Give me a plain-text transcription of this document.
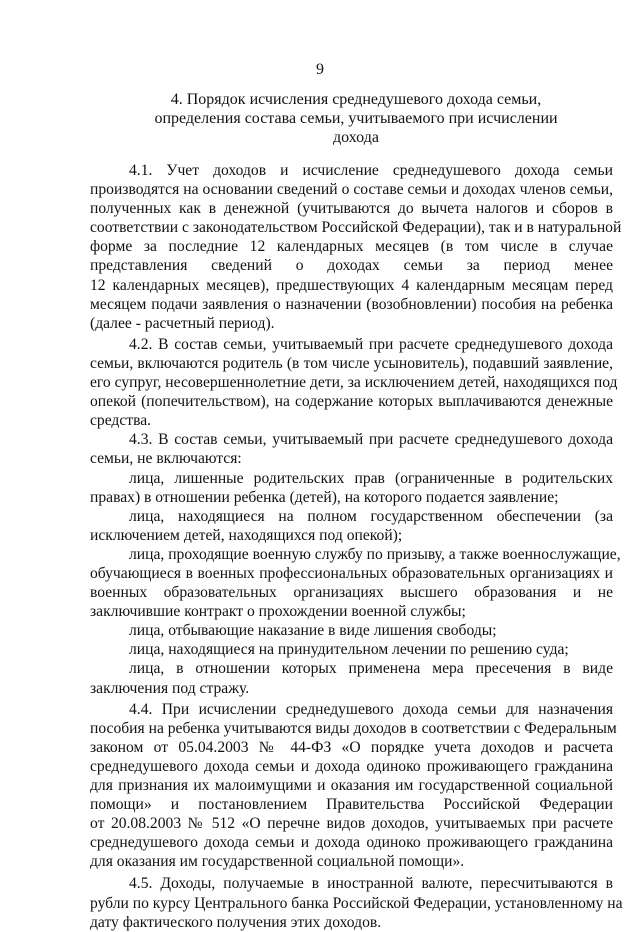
9
4. Порядок исчисления среднедушевого дохода семьи,
определения состава семьи, учитываемого при исчислении
дохода
4.1. Учет доходов и исчисление среднедушевого дохода семьи
производятся на основании сведений о составе семьи и доходах членов семьи,
полученных как в денежной (учитываются до вычета налогов и сборов в
соответствии с законодательством Российской Федерации), так и в натуральной
форме за последние 12 календарных месяцев (в том числе в случае
представления сведений о доходах семьи за период менее
12 календарных месяцев), предшествующих 4 календарным месяцам перед
месяцем подачи заявления о назначении (возобновлении) пособия на ребенка
(далее - расчетный период).
4.2. В состав семьи, учитываемый при расчете среднедушевого дохода
семьи, включаются родитель (в том числе усыновитель), подавший заявление,
его супруг, несовершеннолетние дети, за исключением детей, находящихся под
опекой (попечительством), на содержание которых выплачиваются денежные
средства.
4.3. В состав семьи, учитываемый при расчете среднедушевого дохода
семьи, не включаются:
лица, лишенные родительских прав (ограниченные в родительских
правах) в отношении ребенка (детей), на которого подается заявление;
лица, находящиеся на полном государственном обеспечении (за
исключением детей, находящихся под опекой);
лица, проходящие военную службу по призыву, а также военнослужащие,
обучающиеся в военных профессиональных образовательных организациях и
военных образовательных организациях высшего образования и не
заключившие контракт о прохождении военной службы;
лица, отбывающие наказание в виде лишения свободы;
лица, находящиеся на принудительном лечении по решению суда;
лица, в отношении которых применена мера пресечения в виде
заключения под стражу.
4.4. При исчислении среднедушевого дохода семьи для назначения
пособия на ребенка учитываются виды доходов в соответствии с Федеральным
законом от 05.04.2003 № 44-ФЗ «О порядке учета доходов и расчета
среднедушевого дохода семьи и дохода одиноко проживающего гражданина
для признания их малоимущими и оказания им государственной социальной
помощи» и постановлением Правительства Российской Федерации
от 20.08.2003 № 512 «О перечне видов доходов, учитываемых при расчете
среднедушевого дохода семьи и дохода одиноко проживающего гражданина
для оказания им государственной социальной помощи».
4.5. Доходы, получаемые в иностранной валюте, пересчитываются в
рубли по курсу Центрального банка Российской Федерации, установленному на
дату фактического получения этих доходов.
